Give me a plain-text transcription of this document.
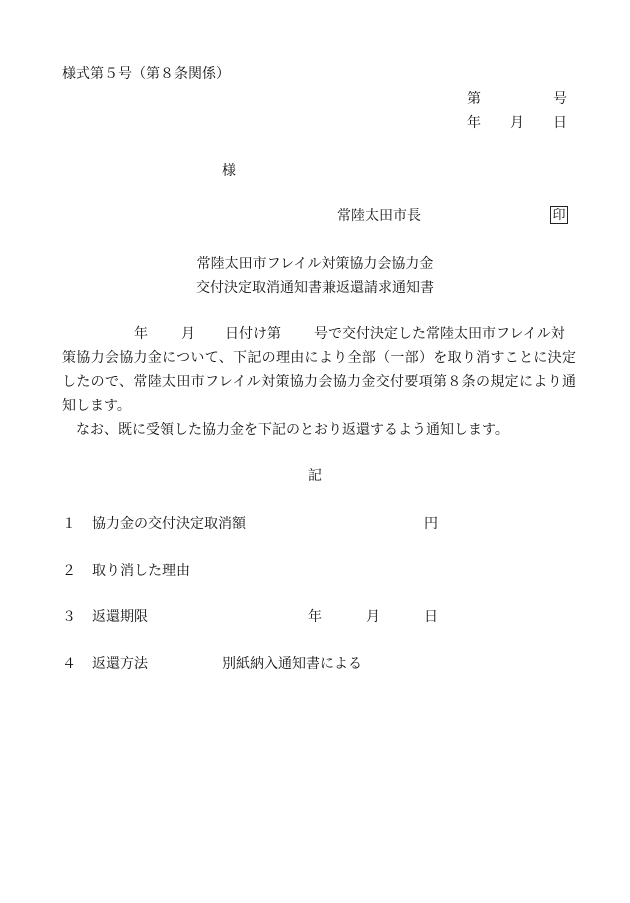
様式第５号（第８条関係）
第	号
年 月 日
様
常陸太田市長	印
常陸太田市フレイル対策協力会協力金
交付決定取消通知書兼返還請求通知書
年 月 日付け第 号で交付決定した常陸太田市フレイル対
策協力会協力金について、下記の理由により全部（一部）を取り消すことに決定
したので、常陸太田市フレイル対策協力会協力金交付要項第８条の規定により通
知します。
なお、既に受領した協力金を下記のとおり返還するよう通知します。
記
１ 協力金の交付決定取消額	円
２ 取り消した理由
３ 返還期限	年	月	日
４ 返還方法	別紙納入通知書による
